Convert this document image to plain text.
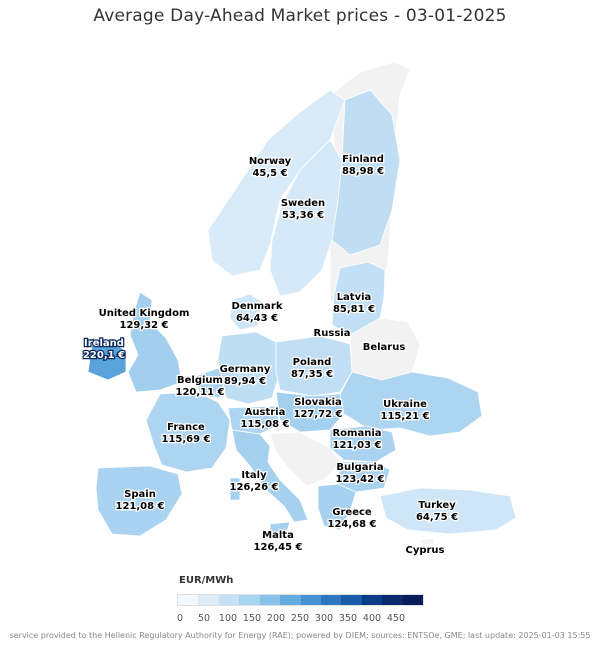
Average Day-Ahead Market prices - 03-01-2025
Norway
45,5 €
Finland
88,98 €
Sweden
53,36 €
Denmark
64,43 €
Latvia
85,81 €
United Kingdom
129,32 €
Ireland
220,1 €
Germany
89,94 €
Poland
87,35 €
Belgium
120,11 €
Austria
115,08 €
Slovakia
127,72 €
Ukraine
115,21 €
France
115,69 €
Romania
121,03 €
Bulgaria
123,42 €
Italy
126,26 €
Spain
121,08 €	Turkey
64,75 €
Greece
124,68 €
Malta
126,45 €
Russia
Belarus
Cyprus
EUR/MWh
0 50 100 150 200 250 300 350 400 450
service provided to the Hellenic Regulatory Authority for Energy (RAE); powered by DIEM; sources: ENTSOe, GME; last update: 2025-01-03 15:55
